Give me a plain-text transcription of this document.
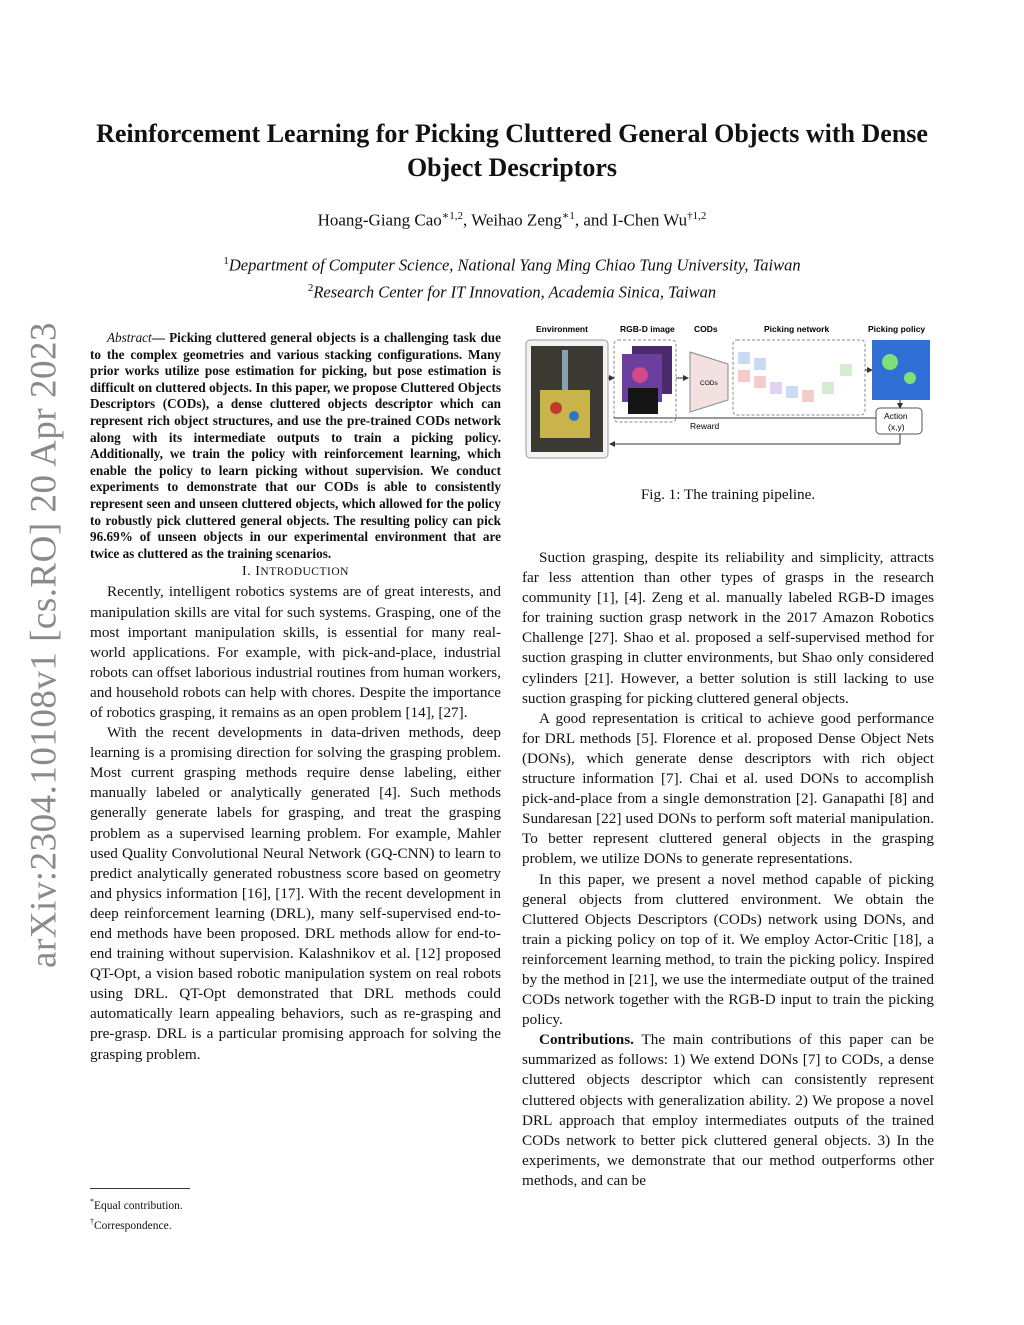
arXiv:2304.10108v1 [cs.RO] 20 Apr 2023
Reinforcement Learning for Picking Cluttered General Objects with Dense Object Descriptors
Hoang-Giang Cao$^{∗1,2}$, Weihao Zeng$^{∗1}$, and I-Chen Wu$^{\dagger 1,2}$
$^1$Department of Computer Science, National Yang Ming Chiao Tung University, Taiwan
$^2$Research Center for IT Innovation, Academia Sinica, Taiwan

Abstract— Picking cluttered general objects is a challenging task due to the complex geometries and various stacking configurations. Many prior works utilize pose estimation for picking, but pose estimation is difficult on cluttered objects. In this paper, we propose Cluttered Objects Descriptors (CODs), a dense cluttered objects descriptor which can represent rich object structures, and use the pre-trained CODs network along with its intermediate outputs to train a picking policy. Additionally, we train the policy with reinforcement learning, which enable the policy to learn picking without supervision. We conduct experiments to demonstrate that our CODs is able to consistently represent seen and unseen cluttered objects, which allowed for the policy to robustly pick cluttered general objects. The resulting policy can pick 96.69% of unseen objects in our experimental environment that are twice as cluttered as the training scenarios.

I. INTRODUCTION

Recently, intelligent robotics systems are of great interests, and manipulation skills are vital for such systems. Grasping, one of the most important manipulation skills, is essential for many real-world applications. For example, with pick-and-place, industrial robots can offset laborious industrial routines from human workers, and household robots can help with chores. Despite the importance of robotics grasping, it remains as an open problem [14], [27].

With the recent developments in data-driven methods, deep learning is a promising direction for solving the grasping problem. Most current grasping methods require dense labeling, either manually labeled or analytically generated [4]. Such methods generally generate labels for grasping, and treat the grasping problem as a supervised learning problem. For example, Mahler used Quality Convolutional Neural Network (GQ-CNN) to learn to predict analytically generated robustness score based on geometry and physics information [16], [17]. With the recent development in deep reinforcement learning (DRL), many self-supervised end-to-end methods have been proposed. DRL methods allow for end-to-end training without supervision. Kalashnikov et al. [12] proposed QT-Opt, a vision based robotic manipulation system on real robots using DRL. QT-Opt demonstrated that DRL methods could automatically learn appealing behaviors, such as re-grasping and pre-grasp. DRL is a particular promising approach for solving the grasping problem.

*Equal contribution.
†Correspondence.
Environment	RGB-D image CODs	Picking network	Picking policy
CODs
Action
(x,y)
Reward
Fig. 1: The training pipeline.

Suction grasping, despite its reliability and simplicity, attracts far less attention than other types of grasps in the research community [1], [4]. Zeng et al. manually labeled RGB-D images for training suction grasp network in the 2017 Amazon Robotics Challenge [27]. Shao et al. proposed a self-supervised method for suction grasping in clutter environments, but Shao only considered cylinders [21]. However, a better solution is still lacking to use suction grasping for picking cluttered general objects.

A good representation is critical to achieve good performance for DRL methods [5]. Florence et al. proposed Dense Object Nets (DONs), which generate dense descriptors with rich object structure information [7]. Chai et al. used DONs to accomplish pick-and-place from a single demonstration [2]. Ganapathi [8] and Sundaresan [22] used DONs to perform soft material manipulation. To better represent cluttered general objects in the grasping problem, we utilize DONs to generate representations.

In this paper, we present a novel method capable of picking general objects from cluttered environment. We obtain the Cluttered Objects Descriptors (CODs) network using DONs, and train a picking policy on top of it. We employ Actor-Critic [18], a reinforcement learning method, to train the picking policy. Inspired by the method in [21], we use the intermediate output of the trained CODs network together with the RGB-D input to train the picking policy.

Contributions. The main contributions of this paper can be summarized as follows: 1) We extend DONs [7] to CODs, a dense cluttered objects descriptor which can consistently represent cluttered objects with generalization ability. 2) We propose a novel DRL approach that employ intermediates outputs of the trained CODs network to better pick cluttered general objects. 3) In the experiments, we demonstrate that our method outperforms other methods, and can be
